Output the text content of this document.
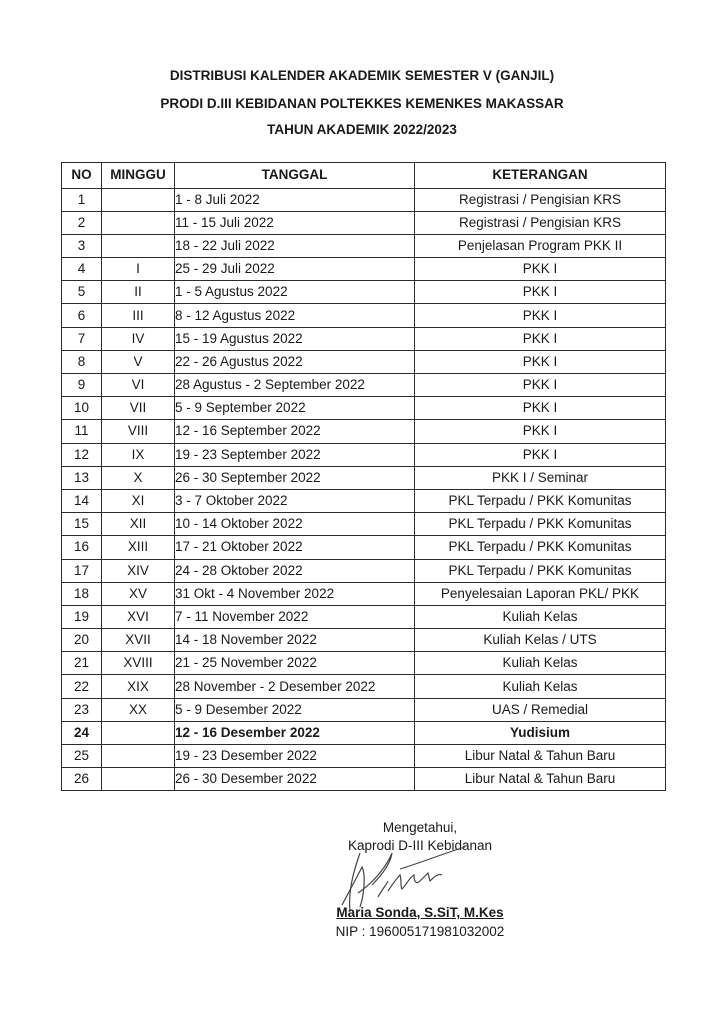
DISTRIBUSI KALENDER AKADEMIK SEMESTER V (GANJIL)
PRODI D.III KEBIDANAN POLTEKKES KEMENKES MAKASSAR
TAHUN AKADEMIK 2022/2023
NO	MINGGU	TANGGAL	KETERANGAN
1		1 - 8 Juli 2022	Registrasi / Pengisian KRS
2		11 - 15 Juli 2022	Registrasi / Pengisian KRS
3		18 - 22 Juli 2022	Penjelasan Program PKK II
4	I	25 - 29 Juli 2022	PKK I
5	II	1 - 5 Agustus 2022	PKK I
6	III	8 - 12 Agustus 2022	PKK I
7	IV	15 - 19 Agustus 2022	PKK I
8	V	22 - 26 Agustus 2022	PKK I
9	VI	28 Agustus - 2 September 2022	PKK I
10	VII	5 - 9 September 2022	PKK I
11	VIII	12 - 16 September 2022	PKK I
12	IX	19 - 23 September 2022	PKK I
13	X	26 - 30 September 2022	PKK I / Seminar
14	XI	3 - 7 Oktober 2022	PKL Terpadu / PKK Komunitas
15	XII	10 - 14 Oktober 2022	PKL Terpadu / PKK Komunitas
16	XIII	17 - 21 Oktober 2022	PKL Terpadu / PKK Komunitas
17	XIV	24 - 28 Oktober 2022	PKL Terpadu / PKK Komunitas
18	XV	31 Okt - 4 November 2022	Penyelesaian Laporan PKL/ PKK
19	XVI	7 - 11 November 2022	Kuliah Kelas
20	XVII	14 - 18 November 2022	Kuliah Kelas / UTS
21	XVIII	21 - 25 November 2022	Kuliah Kelas
22	XIX	28 November - 2 Desember 2022	Kuliah Kelas
23	XX	5 - 9 Desember 2022	UAS / Remedial
24		12 - 16 Desember 2022	Yudisium
25		19 - 23 Desember 2022	Libur Natal & Tahun Baru
26		26 - 30 Desember 2022	Libur Natal & Tahun Baru
Mengetahui,
Kaprodi D-III Kebidanan
Maria Sonda, S.SiT, M.Kes
NIP : 196005171981032002
